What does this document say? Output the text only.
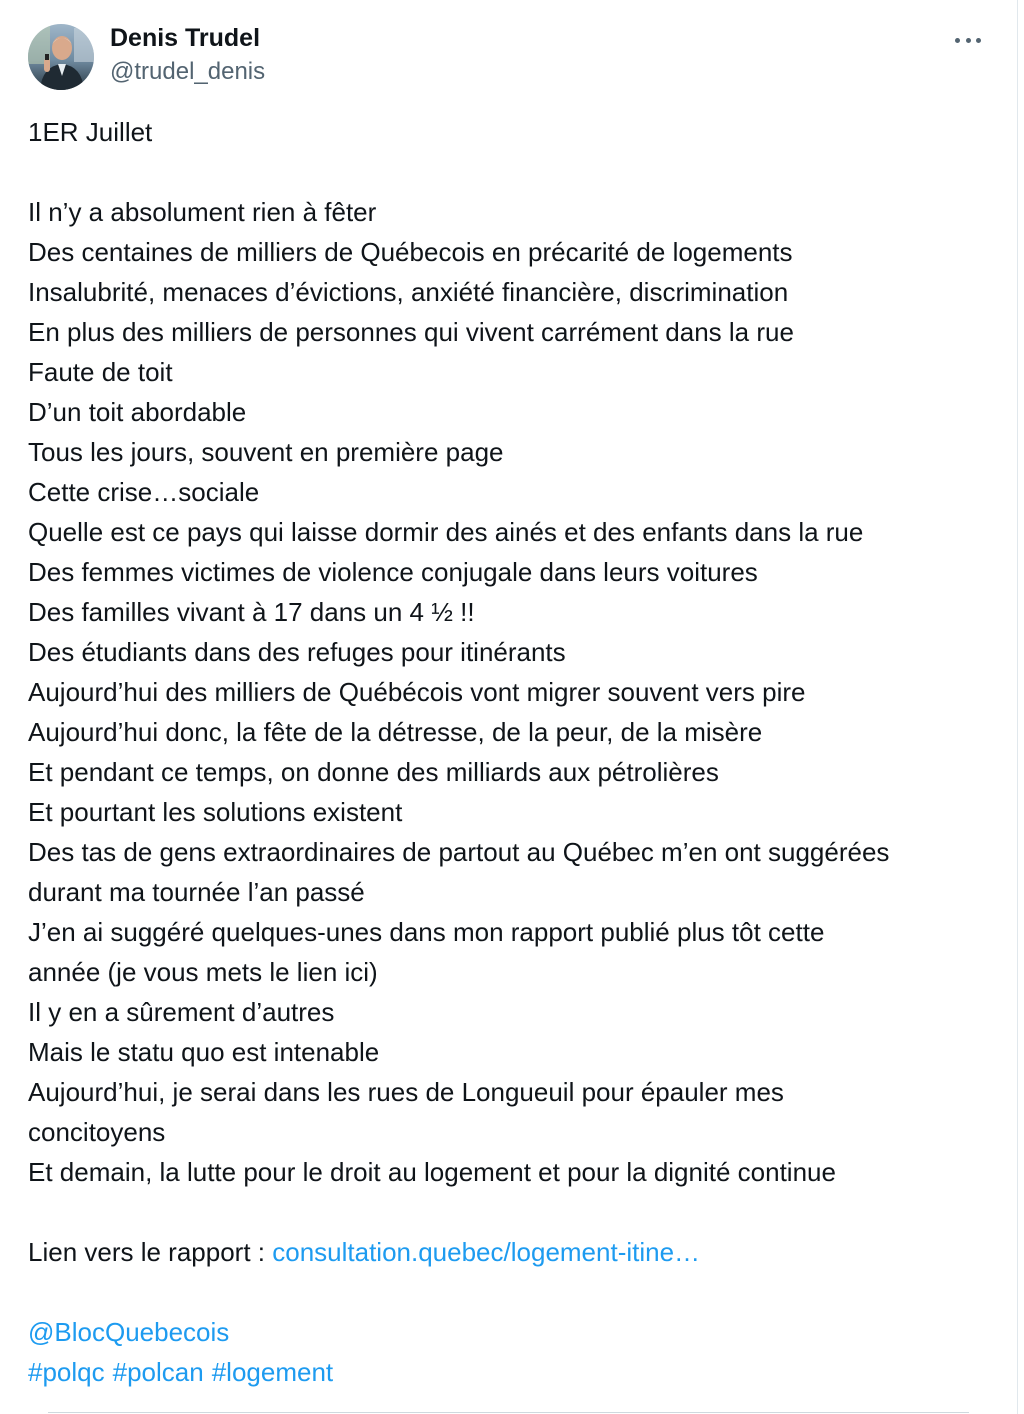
Denis Trudel
@trudel_denis
1ER Juillet
Il n’y a absolument rien à fêter
Des centaines de milliers de Québecois en précarité de logements
Insalubrité, menaces d’évictions, anxiété financière, discrimination
En plus des milliers de personnes qui vivent carrément dans la rue
Faute de toit
D’un toit abordable
Tous les jours, souvent en première page
Cette crise…sociale
Quelle est ce pays qui laisse dormir des ainés et des enfants dans la rue
Des femmes victimes de violence conjugale dans leurs voitures
Des familles vivant à 17 dans un 4 ½ !!
Des étudiants dans des refuges pour itinérants
Aujourd’hui des milliers de Québécois vont migrer souvent vers pire
Aujourd’hui donc, la fête de la détresse, de la peur, de la misère
Et pendant ce temps, on donne des milliards aux pétrolières
Et pourtant les solutions existent
Des tas de gens extraordinaires de partout au Québec m’en ont suggérées
durant ma tournée l’an passé
J’en ai suggéré quelques-unes dans mon rapport publié plus tôt cette
année (je vous mets le lien ici)
Il y en a sûrement d’autres
Mais le statu quo est intenable
Aujourd’hui, je serai dans les rues de Longueuil pour épauler mes
concitoyens
Et demain, la lutte pour le droit au logement et pour la dignité continue
Lien vers le rapport : consultation.quebec/logement-itine…
@BlocQuebecois
#polqc #polcan #logement
